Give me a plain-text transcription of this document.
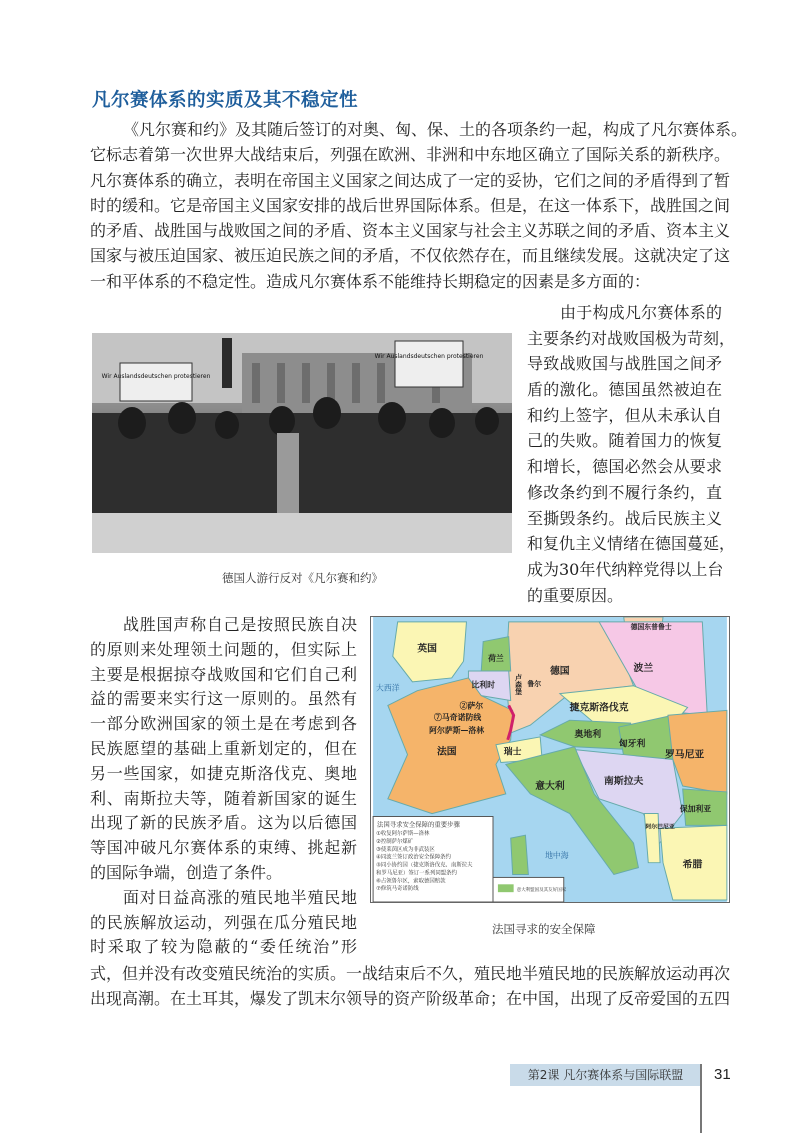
凡尔赛体系的实质及其不稳定性
《凡尔赛和约》及其随后签订的对奥、匈、保、土的各项条约一起，构成了凡尔赛体系。
它标志着第一次世界大战结束后，列强在欧洲、非洲和中东地区确立了国际关系的新秩序。
凡尔赛体系的确立，表明在帝国主义国家之间达成了一定的妥协，它们之间的矛盾得到了暂
时的缓和。它是帝国主义国家安排的战后世界国际体系。但是，在这一体系下，战胜国之间
的矛盾、战胜国与战败国之间的矛盾、资本主义国家与社会主义苏联之间的矛盾、资本主义
国家与被压迫国家、被压迫民族之间的矛盾，不仅依然存在，而且继续发展。这就决定了这
一和平体系的不稳定性。造成凡尔赛体系不能维持长期稳定的因素是多方面的：
由于构成凡尔赛体系的
主要条约对战败国极为苛刻，
导致战败国与战胜国之间矛
盾的激化。德国虽然被迫在
和约上签字，但从未承认自
己的失败。随着国力的恢复
和增长，德国必然会从要求
修改条约到不履行条约，直
至撕毁条约。战后民族主义
和复仇主义情绪在德国蔓延，
成为30年代纳粹党得以上台
的重要原因。
Wir Auslandsdeutschen protestieren
Wir Auslandsdeutschen protestieren
德国人游行反对《凡尔赛和约》
战胜国声称自己是按照民族自决
的原则来处理领土问题的，但实际上
主要是根据掠夺战败国和它们自己利
益的需要来实行这一原则的。虽然有
一部分欧洲国家的领土是在考虑到各
民族愿望的基础上重新划定的，但在
另一些国家，如捷克斯洛伐克、奥地
利、南斯拉夫等，随着新国家的诞生
出现了新的民族矛盾。这为以后德国
等国冲破凡尔赛体系的束缚、挑起新
的国际争端，创造了条件。
面对日益高涨的殖民地半殖民地
的民族解放运动，列强在瓜分殖民地
时采取了较为隐蔽的“委任统治”形
式，但并没有改变殖民统治的实质。一战结束后不久，殖民地半殖民地的民族解放运动再次
出现高潮。在土耳其，爆发了凯末尔领导的资产阶级革命；在中国，出现了反帝爱国的五四
英国
德国
德国东普鲁士
波兰
荷兰
比利时	卢森堡 鲁尔
②萨尔
⑦马奇诺防线
阿尔萨斯—洛林
法国	瑞士
捷克斯洛伐克
奥地利
匈牙利
罗马尼亚
南斯拉夫
意大利
保加利亚
阿尔巴尼亚
希腊
大西洋
地中海
法国寻求安全保障的重要步骤
①收复阿尔萨斯—洛林
②控制萨尔煤矿
③使莱茵区成为非武装区
④同波兰签订政治安全保障条约
⑤同小协约国（捷克斯洛伐克、南斯拉夫
和罗马尼亚）签订一系列同盟条约
⑥占领鲁尔区，索取德国赔款
⑦修筑马奇诺防线	意大利盟国及其友好国家
法国寻求的安全保障
第2课 凡尔赛体系与国际联盟	31
